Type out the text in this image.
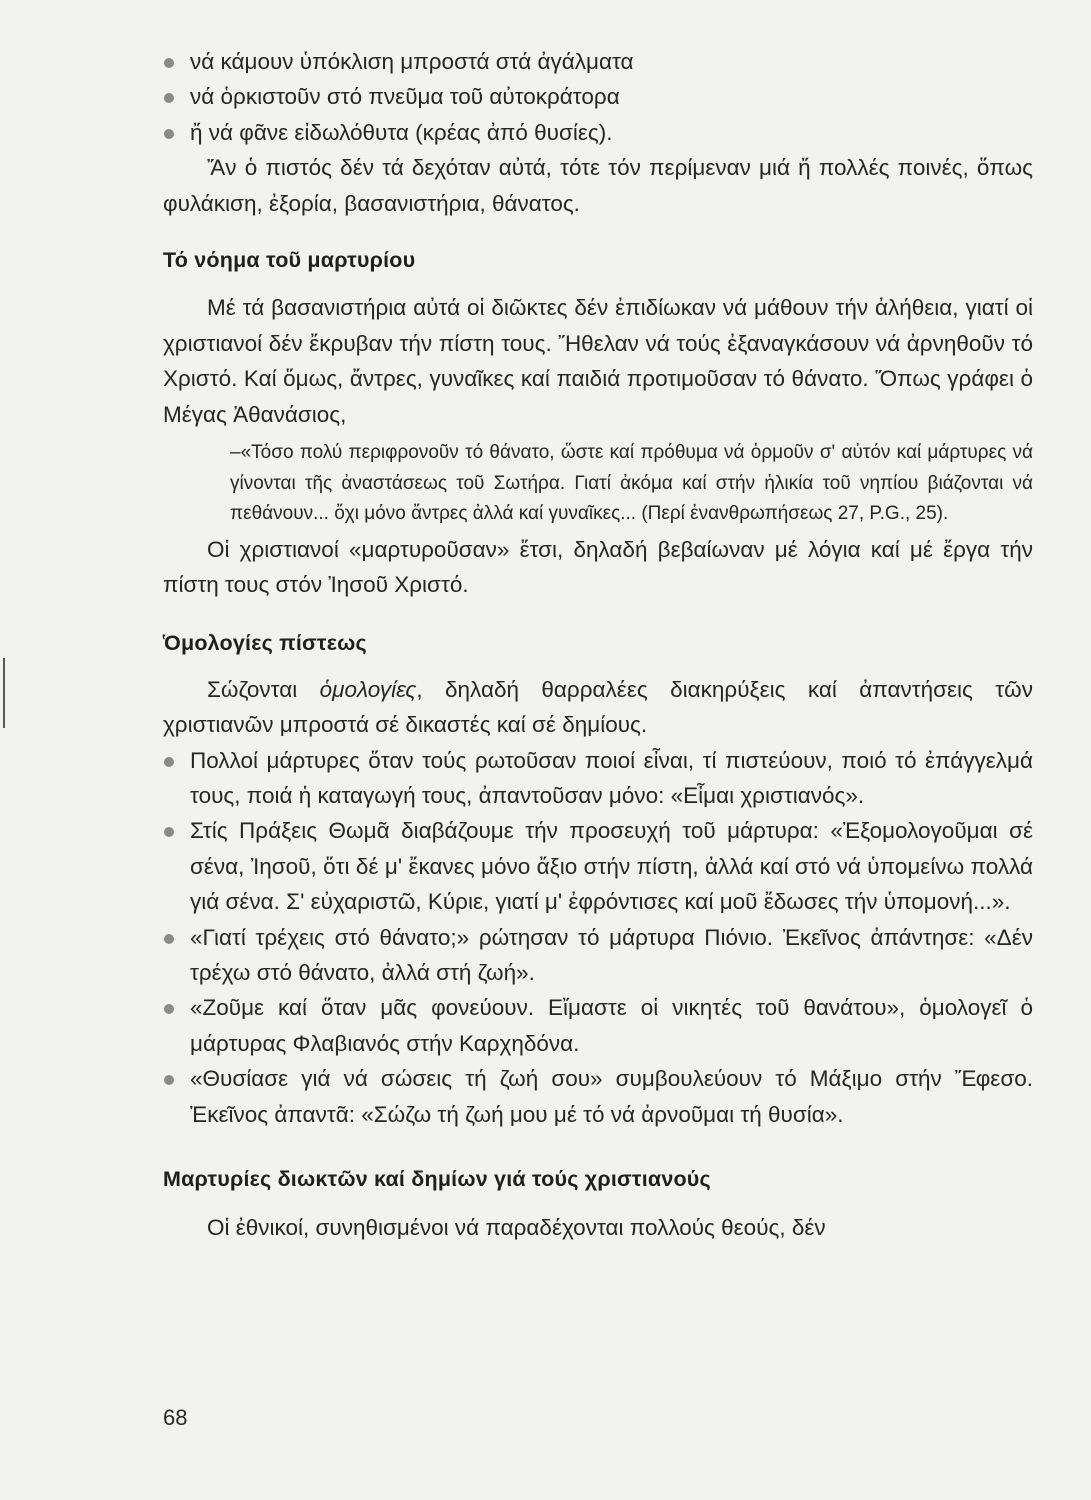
νά κάμουν ὑπόκλιση μπροστά στά ἀγάλματα
νά ὁρκιστοῦν στό πνεῦμα τοῦ αὐτοκράτορα
ἤ νά φᾶνε εἰδωλόθυτα (κρέας ἀπό θυσίες).

Ἄν ὁ πιστός δέν τά δεχόταν αὐτά, τότε τόν περίμεναν μιά ἤ πολλές ποινές, ὅπως φυλάκιση, ἐξορία, βασανιστήρια, θάνατος.

Τό νόημα τοῦ μαρτυρίου

Μέ τά βασανιστήρια αὐτά οἱ διῶκτες δέν ἐπιδίωκαν νά μάθουν τήν ἀλήθεια, γιατί οἱ χριστιανοί δέν ἔκρυβαν τήν πίστη τους. Ἤθελαν νά τούς ἐξαναγκάσουν νά ἀρνηθοῦν τό Χριστό. Καί ὅμως, ἄντρες, γυναῖκες καί παιδιά προτιμοῦσαν τό θάνατο. Ὅπως γράφει ὁ Μέγας Ἀθανάσιος,

–«Τόσο πολύ περιφρονοῦν τό θάνατο, ὥστε καί πρόθυμα νά ὁρμοῦν σ' αὐτόν καί μάρτυρες νά γίνονται τῆς ἀναστάσεως τοῦ Σωτήρα. Γιατί ἀκόμα καί στήν ἡλικία τοῦ νηπίου βιάζονται νά πεθάνουν... ὄχι μόνο ἄντρες ἀλλά καί γυναῖκες... (Περί ἐνανθρωπήσεως 27, P.G., 25).

Οἱ χριστιανοί «μαρτυροῦσαν» ἔτσι, δηλαδή βεβαίωναν μέ λόγια καί μέ ἔργα τήν πίστη τους στόν Ἰησοῦ Χριστό.

Ὁμολογίες πίστεως

Σώζονται ὁμολογίες, δηλαδή θαρραλέες διακηρύξεις καί ἀπαντήσεις τῶν χριστιανῶν μπροστά σέ δικαστές καί σέ δημίους.

Πολλοί μάρτυρες ὅταν τούς ρωτοῦσαν ποιοί εἶναι, τί πιστεύουν, ποιό τό ἐπάγγελμά τους, ποιά ἡ καταγωγή τους, ἀπαντοῦσαν μόνο: «Εἶμαι χριστιανός».
Στίς Πράξεις Θωμᾶ διαβάζουμε τήν προσευχή τοῦ μάρτυρα: «Ἐξομολογοῦμαι σέ σένα, Ἰησοῦ, ὅτι δέ μ' ἔκανες μόνο ἄξιο στήν πίστη, ἀλλά καί στό νά ὑπομείνω πολλά γιά σένα. Σ' εὐχαριστῶ, Κύριε, γιατί μ' ἐφρόντισες καί μοῦ ἔδωσες τήν ὑπομονή...».
«Γιατί τρέχεις στό θάνατο;» ρώτησαν τό μάρτυρα Πιόνιο. Ἐκεῖνος ἀπάντησε: «Δέν τρέχω στό θάνατο, ἀλλά στή ζωή».
«Ζοῦμε καί ὅταν μᾶς φονεύουν. Εἴμαστε οἱ νικητές τοῦ θανάτου», ὁμολογεῖ ὁ μάρτυρας Φλαβιανός στήν Καρχηδόνα.
«Θυσίασε γιά νά σώσεις τή ζωή σου» συμβουλεύουν τό Μάξιμο στήν Ἔφεσο. Ἐκεῖνος ἀπαντᾶ: «Σώζω τή ζωή μου μέ τό νά ἀρνοῦμαι τή θυσία».
Μαρτυρίες διωκτῶν καί δημίων γιά τούς χριστιανούς

Οἱ ἐθνικοί, συνηθισμένοι νά παραδέχονται πολλούς θεούς, δέν

68
